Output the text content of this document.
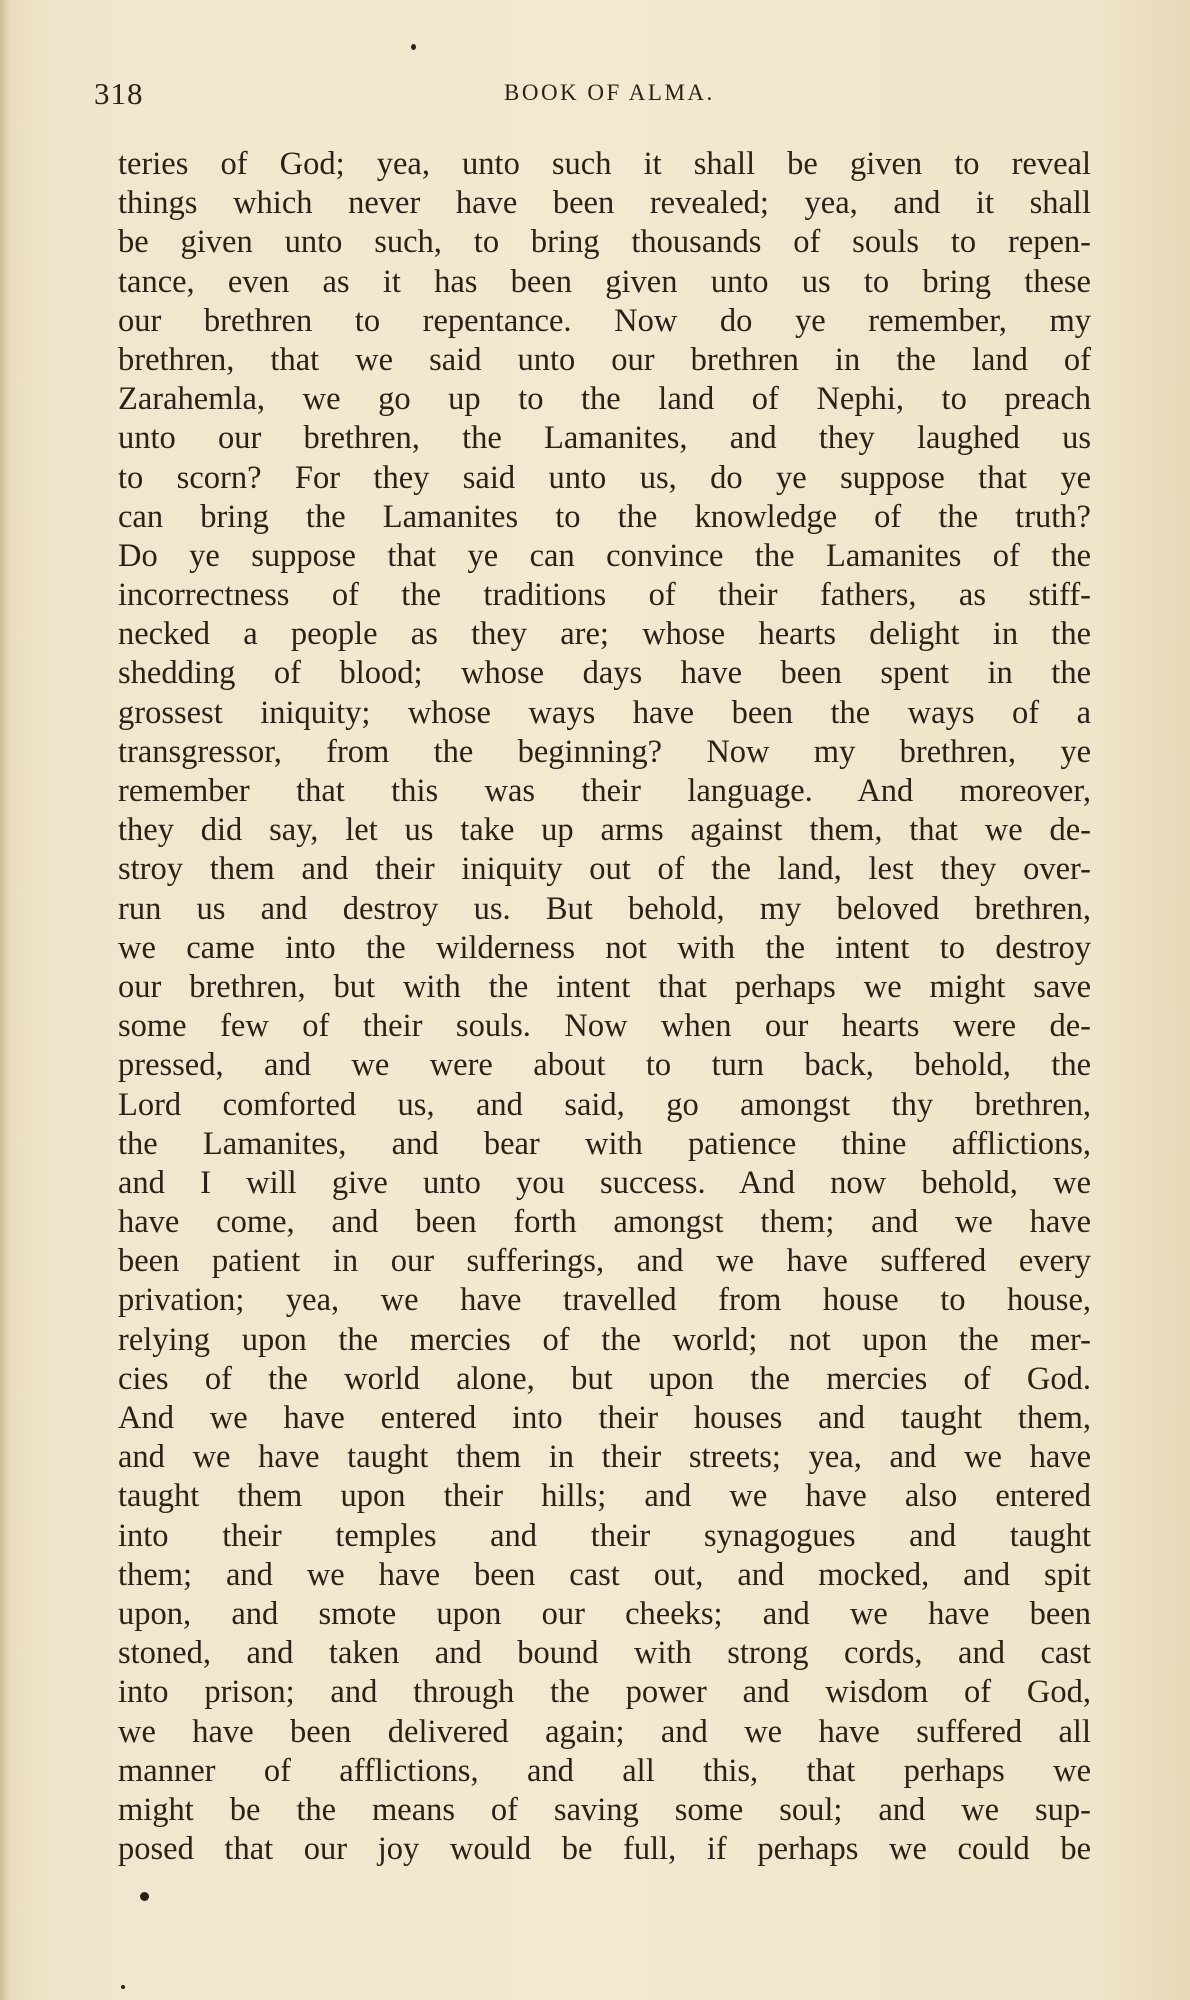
318	BOOK OF ALMA.
teries of God; yea, unto such it shall be given to reveal
things which never have been revealed; yea, and it shall
be given unto such, to bring thousands of souls to repen-
tance, even as it has been given unto us to bring these
our brethren to repentance. Now do ye remember, my
brethren, that we said unto our brethren in the land of
Zarahemla, we go up to the land of Nephi, to preach
unto our brethren, the Lamanites, and they laughed us
to scorn? For they said unto us, do ye suppose that ye
can bring the Lamanites to the knowledge of the truth?
Do ye suppose that ye can convince the Lamanites of the
incorrectness of the traditions of their fathers, as stiff-
necked a people as they are; whose hearts delight in the
shedding of blood; whose days have been spent in the
grossest iniquity; whose ways have been the ways of a
transgressor, from the beginning? Now my brethren, ye
remember that this was their language. And moreover,
they did say, let us take up arms against them, that we de-
stroy them and their iniquity out of the land, lest they over-
run us and destroy us. But behold, my beloved brethren,
we came into the wilderness not with the intent to destroy
our brethren, but with the intent that perhaps we might save
some few of their souls. Now when our hearts were de-
pressed, and we were about to turn back, behold, the
Lord comforted us, and said, go amongst thy brethren,
the Lamanites, and bear with patience thine afflictions,
and I will give unto you success. And now behold, we
have come, and been forth amongst them; and we have
been patient in our sufferings, and we have suffered every
privation; yea, we have travelled from house to house,
relying upon the mercies of the world; not upon the mer-
cies of the world alone, but upon the mercies of God.
And we have entered into their houses and taught them,
and we have taught them in their streets; yea, and we have
taught them upon their hills; and we have also entered
into their temples and their synagogues and taught
them; and we have been cast out, and mocked, and spit
upon, and smote upon our cheeks; and we have been
stoned, and taken and bound with strong cords, and cast
into prison; and through the power and wisdom of God,
we have been delivered again; and we have suffered all
manner of afflictions, and all this, that perhaps we
might be the means of saving some soul; and we sup-
posed that our joy would be full, if perhaps we could be
